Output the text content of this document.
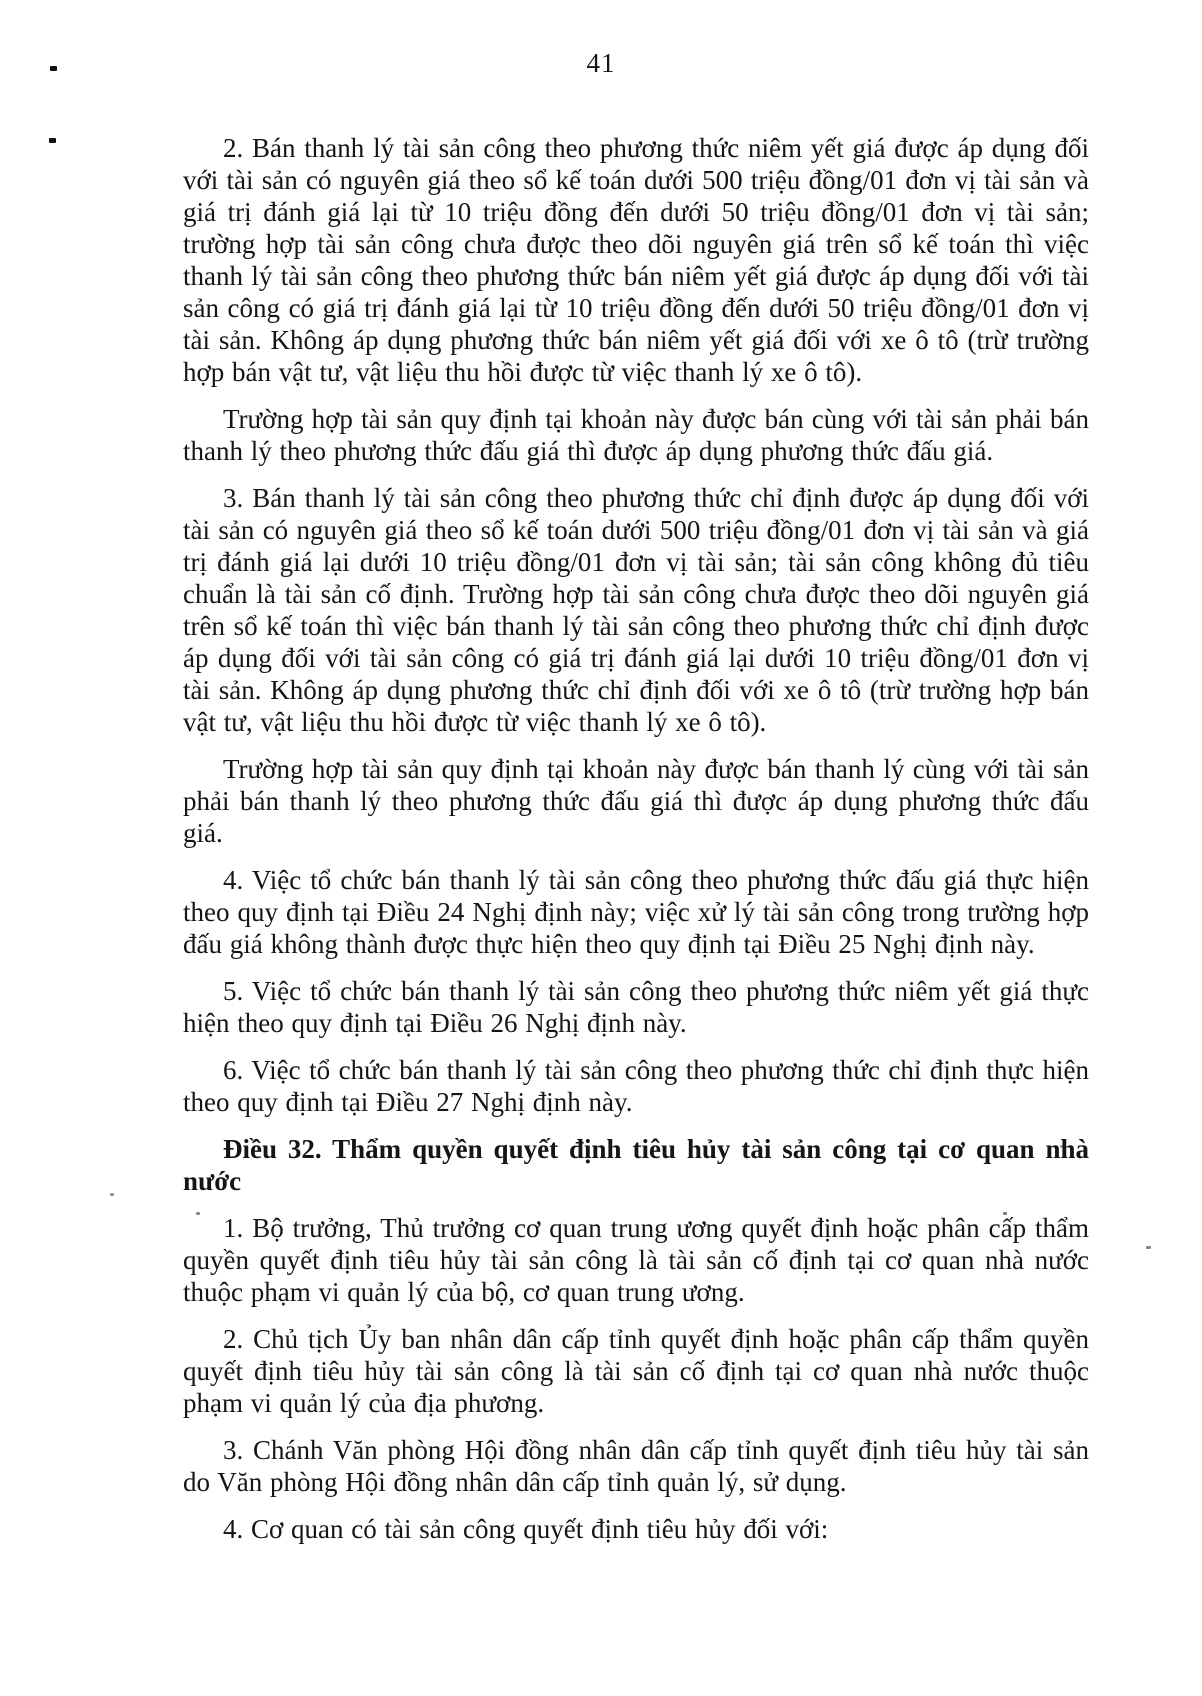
41

2. Bán thanh lý tài sản công theo phương thức niêm yết giá được áp dụng đối với tài sản có nguyên giá theo sổ kế toán dưới 500 triệu đồng/01 đơn vị tài sản và giá trị đánh giá lại từ 10 triệu đồng đến dưới 50 triệu đồng/01 đơn vị tài sản; trường hợp tài sản công chưa được theo dõi nguyên giá trên sổ kế toán thì việc thanh lý tài sản công theo phương thức bán niêm yết giá được áp dụng đối với tài sản công có giá trị đánh giá lại từ 10 triệu đồng đến dưới 50 triệu đồng/01 đơn vị tài sản. Không áp dụng phương thức bán niêm yết giá đối với xe ô tô (trừ trường hợp bán vật tư, vật liệu thu hồi được từ việc thanh lý xe ô tô).

Trường hợp tài sản quy định tại khoản này được bán cùng với tài sản phải bán thanh lý theo phương thức đấu giá thì được áp dụng phương thức đấu giá.

3. Bán thanh lý tài sản công theo phương thức chỉ định được áp dụng đối với tài sản có nguyên giá theo sổ kế toán dưới 500 triệu đồng/01 đơn vị tài sản và giá trị đánh giá lại dưới 10 triệu đồng/01 đơn vị tài sản; tài sản công không đủ tiêu chuẩn là tài sản cố định. Trường hợp tài sản công chưa được theo dõi nguyên giá trên sổ kế toán thì việc bán thanh lý tài sản công theo phương thức chỉ định được áp dụng đối với tài sản công có giá trị đánh giá lại dưới 10 triệu đồng/01 đơn vị tài sản. Không áp dụng phương thức chỉ định đối với xe ô tô (trừ trường hợp bán vật tư, vật liệu thu hồi được từ việc thanh lý xe ô tô).

Trường hợp tài sản quy định tại khoản này được bán thanh lý cùng với tài sản phải bán thanh lý theo phương thức đấu giá thì được áp dụng phương thức đấu giá.

4. Việc tổ chức bán thanh lý tài sản công theo phương thức đấu giá thực hiện theo quy định tại Điều 24 Nghị định này; việc xử lý tài sản công trong trường hợp đấu giá không thành được thực hiện theo quy định tại Điều 25 Nghị định này.

5. Việc tổ chức bán thanh lý tài sản công theo phương thức niêm yết giá thực hiện theo quy định tại Điều 26 Nghị định này.

6. Việc tổ chức bán thanh lý tài sản công theo phương thức chỉ định thực hiện theo quy định tại Điều 27 Nghị định này.

Điều 32. Thẩm quyền quyết định tiêu hủy tài sản công tại cơ quan nhà nước

1. Bộ trưởng, Thủ trưởng cơ quan trung ương quyết định hoặc phân cấp thẩm quyền quyết định tiêu hủy tài sản công là tài sản cố định tại cơ quan nhà nước thuộc phạm vi quản lý của bộ, cơ quan trung ương.

2. Chủ tịch Ủy ban nhân dân cấp tỉnh quyết định hoặc phân cấp thẩm quyền quyết định tiêu hủy tài sản công là tài sản cố định tại cơ quan nhà nước thuộc phạm vi quản lý của địa phương.

3. Chánh Văn phòng Hội đồng nhân dân cấp tỉnh quyết định tiêu hủy tài sản do Văn phòng Hội đồng nhân dân cấp tỉnh quản lý, sử dụng.

4. Cơ quan có tài sản công quyết định tiêu hủy đối với:
